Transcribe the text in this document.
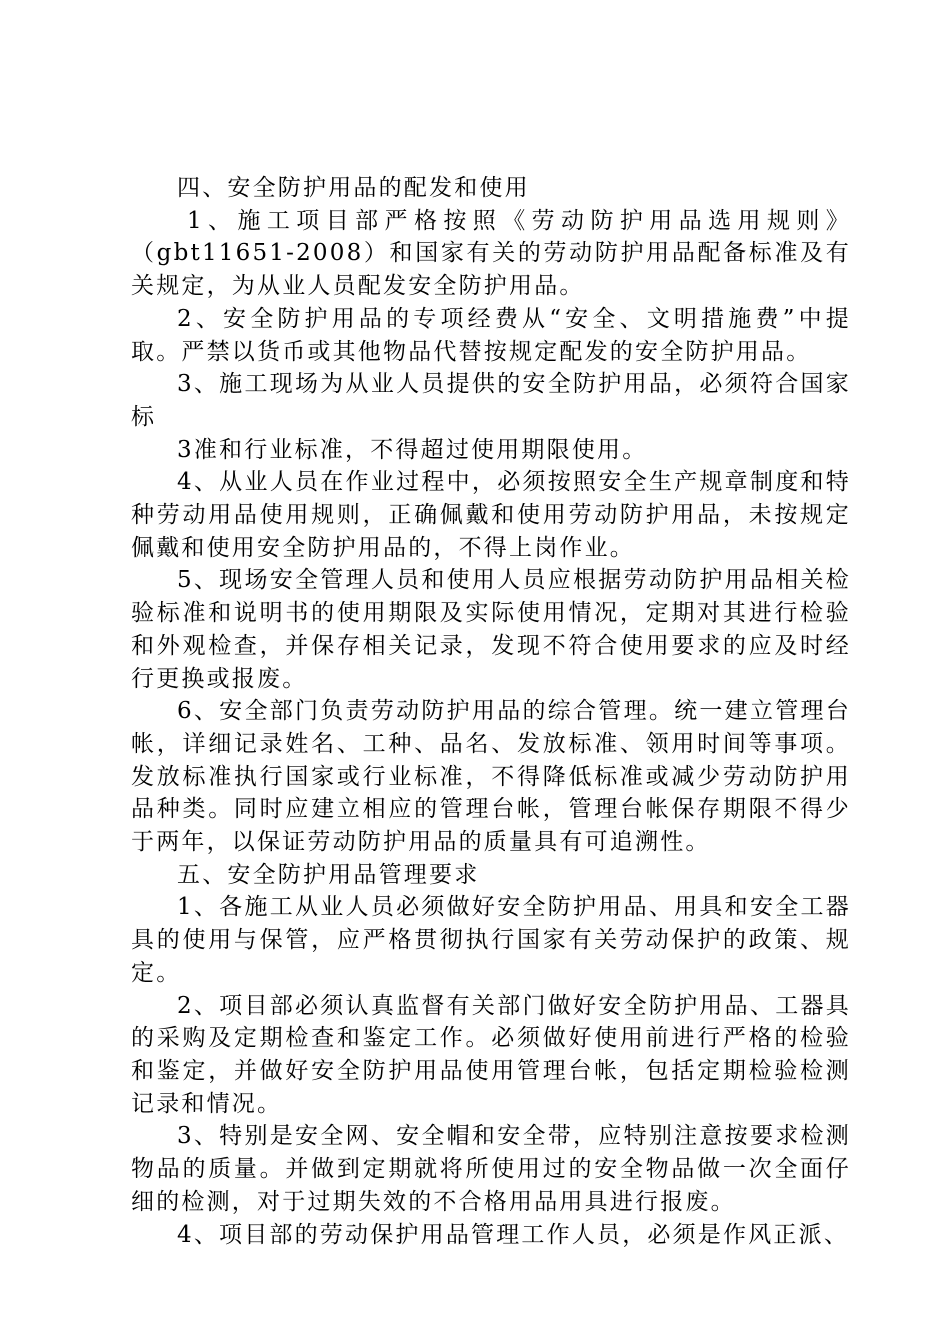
四、安全防护用品的配发和使用

1、施工项目部严格按照《劳动防护用品选用规则》（gbt11651-2008）和国家有关的劳动防护用品配备标准及有关规定，为从业人员配发安全防护用品。

2、安全防护用品的专项经费从“安全、文明措施费”中提取。严禁以货币或其他物品代替按规定配发的安全防护用品。

3、施工现场为从业人员提供的安全防护用品，必须符合国家标

3准和行业标准，不得超过使用期限使用。

4、从业人员在作业过程中，必须按照安全生产规章制度和特种劳动用品使用规则，正确佩戴和使用劳动防护用品，未按规定佩戴和使用安全防护用品的，不得上岗作业。

5、现场安全管理人员和使用人员应根据劳动防护用品相关检验标准和说明书的使用期限及实际使用情况，定期对其进行检验和外观检查，并保存相关记录，发现不符合使用要求的应及时经行更换或报废。

6、安全部门负责劳动防护用品的综合管理。统一建立管理台帐，详细记录姓名、工种、品名、发放标准、领用时间等事项。发放标准执行国家或行业标准，不得降低标准或减少劳动防护用品种类。同时应建立相应的管理台帐，管理台帐保存期限不得少于两年，以保证劳动防护用品的质量具有可追溯性。

五、安全防护用品管理要求

1、各施工从业人员必须做好安全防护用品、用具和安全工器具的使用与保管，应严格贯彻执行国家有关劳动保护的政策、规定。

2、项目部必须认真监督有关部门做好安全防护用品、工器具的采购及定期检查和鉴定工作。必须做好使用前进行严格的检验和鉴定，并做好安全防护用品使用管理台帐，包括定期检验检测记录和情况。

3、特别是安全网、安全帽和安全带，应特别注意按要求检测物品的质量。并做到定期就将所使用过的安全物品做一次全面仔细的检测，对于过期失效的不合格用品用具进行报废。

4、项目部的劳动保护用品管理工作人员，必须是作风正派、
